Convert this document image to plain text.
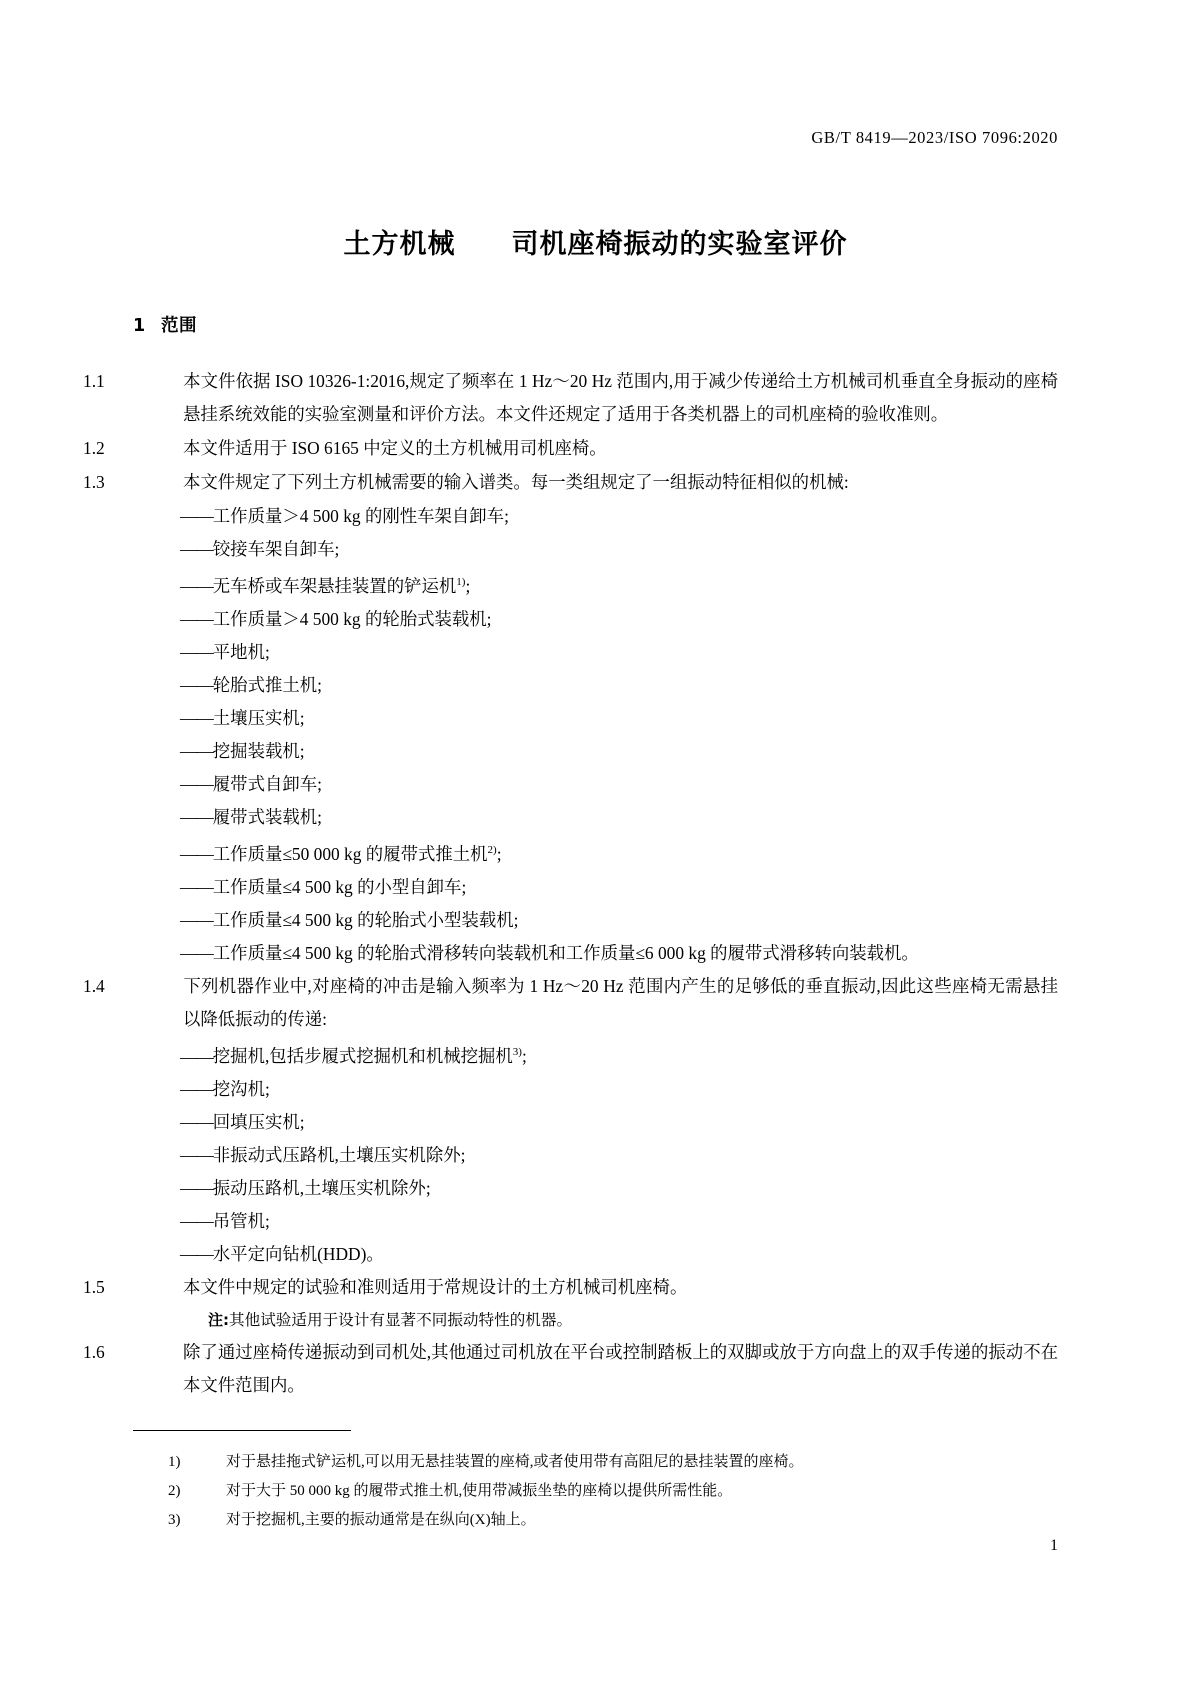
GB/T 8419—2023/ISO 7096:2020
土方机械　　司机座椅振动的实验室评价
1 范围
1.1	本文件依据 ISO 10326-1:2016,规定了频率在 1 Hz～20 Hz 范围内,用于减少传递给土方机械司机垂直全身振动的座椅悬挂系统效能的实验室测量和评价方法。本文件还规定了适用于各类机器上的司机座椅的验收准则。
1.2	本文件适用于 ISO 6165 中定义的土方机械用司机座椅。
1.3	本文件规定了下列土方机械需要的输入谱类。每一类组规定了一组振动特征相似的机械:
——工作质量＞4 500 kg 的刚性车架自卸车;
——铰接车架自卸车;
——无车桥或车架悬挂装置的铲运机$^{1)}$;
——工作质量＞4 500 kg 的轮胎式装载机;
——平地机;
——轮胎式推土机;
——土壤压实机;
——挖掘装载机;
——履带式自卸车;
——履带式装载机;
——工作质量≤50 000 kg 的履带式推土机$^{2)}$;
——工作质量≤4 500 kg 的小型自卸车;
——工作质量≤4 500 kg 的轮胎式小型装载机;
——工作质量≤4 500 kg 的轮胎式滑移转向装载机和工作质量≤6 000 kg 的履带式滑移转向装载机。
1.4	下列机器作业中,对座椅的冲击是输入频率为 1 Hz～20 Hz 范围内产生的足够低的垂直振动,因此这些座椅无需悬挂以降低振动的传递:
——挖掘机,包括步履式挖掘机和机械挖掘机$^{3)}$;
——挖沟机;
——回填压实机;
——非振动式压路机,土壤压实机除外;
——振动压路机,土壤压实机除外;
——吊管机;
——水平定向钻机(HDD)。
1.5	本文件中规定的试验和准则适用于常规设计的土方机械司机座椅。
注:其他试验适用于设计有显著不同振动特性的机器。
1.6	除了通过座椅传递振动到司机处,其他通过司机放在平台或控制踏板上的双脚或放于方向盘上的双手传递的振动不在本文件范围内。
1)	对于悬挂拖式铲运机,可以用无悬挂装置的座椅,或者使用带有高阻尼的悬挂装置的座椅。
2)	对于大于 50 000 kg 的履带式推土机,使用带减振坐垫的座椅以提供所需性能。
3)	对于挖掘机,主要的振动通常是在纵向(X)轴上。
1
